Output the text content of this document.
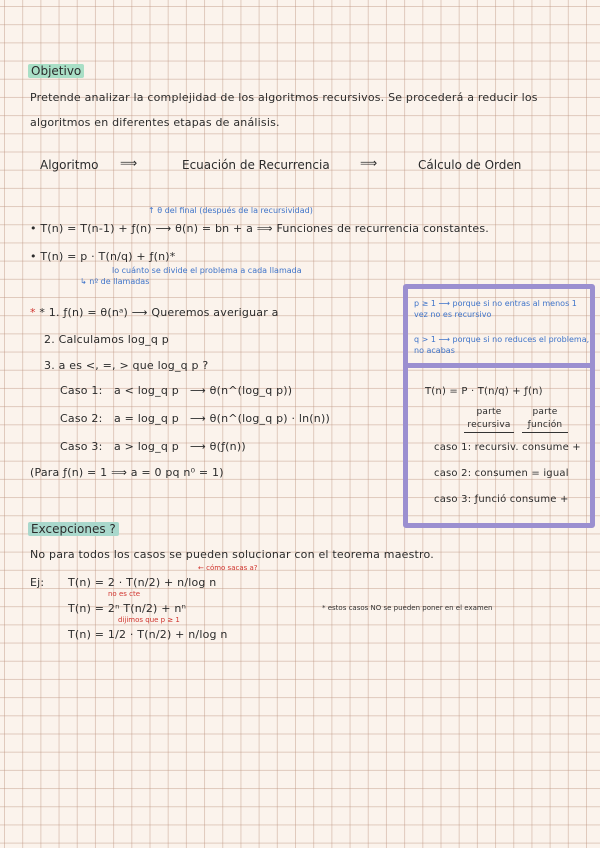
Objetivo
Pretende analizar la complejidad de los algoritmos recursivos. Se procederá a reducir los
algoritmos en diferentes etapas de análisis.
Algoritmo ⟹	Ecuación de Recurrencia	⟹	Cálculo de Orden
↑ θ del final (después de la recursividad)
• T(n) = T(n-1) + ƒ(n) ⟶ θ(n) = bn + a ⟹ Funciones de recurrencia constantes.
• T(n) = p · T(n/q) + ƒ(n)*
lo cuánto se divide el problema a cada llamada
↳ nº de llamadas
* * 1. ƒ(n) = θ(nᵃ) ⟶ Queremos averiguar a
2. Calculamos log_q p
3. a es <, =, > que log_q p ?
Caso 1: a < log_q p ⟶ θ(n^(log_q p))
Caso 2: a = log_q p ⟶ θ(n^(log_q p) · ln(n))
Caso 3: a > log_q p ⟶ θ(ƒ(n))
(Para ƒ(n) = 1 ⟹ a = 0 pq n⁰ = 1)
p ≥ 1 ⟶ porque si no entras al menos 1 vez no es recursivo
q > 1 ⟶ porque si no reduces el problema, no acabas
T(n) = P · T(n/q) + ƒ(n)
parte recursiva
parte ƒunción
caso 1: recursiv. consume +
caso 2: consumen = igual
caso 3: ƒunció consume +
Excepciones ?
No para todos los casos se pueden solucionar con el teorema maestro.
Ej:
← cómo sacas a?
T(n) = 2 · T(n/2) + n/log n
no es cte
T(n) = 2ⁿ T(n/2) + nⁿ
dijimos que p ≥ 1
T(n) = 1/2 · T(n/2) + n/log n
* estos casos NO se pueden poner en el examen
